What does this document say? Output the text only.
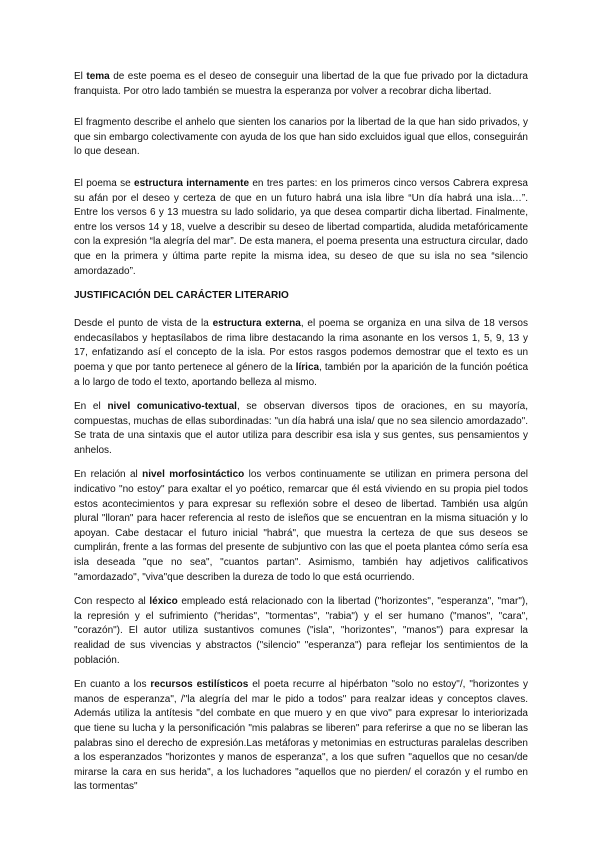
El tema de este poema es el deseo de conseguir una libertad de la que fue privado por la dictadura franquista. Por otro lado también se muestra la esperanza por volver a recobrar dicha libertad.

El fragmento describe el anhelo que sienten los canarios por la libertad de la que han sido privados, y que sin embargo colectivamente con ayuda de los que han sido excluidos igual que ellos, conseguirán lo que desean.

El poema se estructura internamente en tres partes: en los primeros cinco versos Cabrera expresa su afán por el deseo y certeza de que en un futuro habrá una isla libre “Un día habrá una isla…”. Entre los versos 6 y 13 muestra su lado solidario, ya que desea compartir dicha libertad. Finalmente, entre los versos 14 y 18, vuelve a describir su deseo de libertad compartida, aludida metafóricamente con la expresión “la alegría del mar”. De esta manera, el poema presenta una estructura circular, dado que en la primera y última parte repite la misma idea, su deseo de que su isla no sea “silencio amordazado”.

JUSTIFICACIÓN DEL CARÁCTER LITERARIO

Desde el punto de vista de la estructura externa, el poema se organiza en una silva de 18 versos endecasílabos y heptasílabos de rima libre destacando la rima asonante en los versos 1, 5, 9, 13 y 17, enfatizando así el concepto de la isla. Por estos rasgos podemos demostrar que el texto es un poema y que por tanto pertenece al género de la lírica, también por la aparición de la función poética a lo largo de todo el texto, aportando belleza al mismo.

En el nivel comunicativo-textual, se observan diversos tipos de oraciones, en su mayoría, compuestas, muchas de ellas subordinadas: "un día habrá una isla/ que no sea silencio amordazado". Se trata de una sintaxis que el autor utiliza para describir esa isla y sus gentes, sus pensamientos y anhelos.

En relación al nivel morfosintáctico los verbos continuamente se utilizan en primera persona del indicativo "no estoy" para exaltar el yo poético, remarcar que él está viviendo en su propia piel todos estos acontecimientos y para expresar su reflexión sobre el deseo de libertad. También usa algún plural "lloran" para hacer referencia al resto de isleños que se encuentran en la misma situación y lo apoyan. Cabe destacar el futuro inicial "habrá", que muestra la certeza de que sus deseos se cumplirán, frente a las formas del presente de subjuntivo con las que el poeta plantea cómo sería esa isla deseada "que no sea", "cuantos partan". Asimismo, también hay adjetivos calificativos "amordazado", "viva"que describen la dureza de todo lo que está ocurriendo.

Con respecto al léxico empleado está relacionado con la libertad ("horizontes", "esperanza", "mar"), la represión y el sufrimiento ("heridas", "tormentas", "rabia") y el ser humano ("manos", "cara", "corazón"). El autor utiliza sustantivos comunes ("isla", "horizontes", "manos") para expresar la realidad de sus vivencias y abstractos ("silencio" "esperanza") para reflejar los sentimientos de la población.

En cuanto a los recursos estilísticos el poeta recurre al hipérbaton "solo no estoy"/, "horizontes y manos de esperanza", /"la alegría del mar le pido a todos" para realzar ideas y conceptos claves. Además utiliza la antítesis "del combate en que muero y en que vivo" para expresar lo interiorizada que tiene su lucha y la personificación "mis palabras se liberen" para referirse a que no se liberan las palabras sino el derecho de expresión.Las metáforas y metonimias en estructuras paralelas describen a los esperanzados "horizontes y manos de esperanza", a los que sufren "aquellos que no cesan/de mirarse la cara en sus herida", a los luchadores "aquellos que no pierden/ el corazón y el rumbo en las tormentas"
